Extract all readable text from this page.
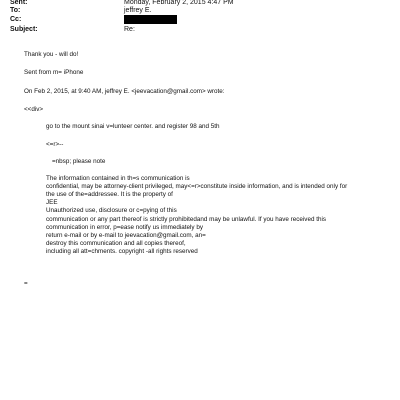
Sent:	Monday, February 2, 2015 4:47 PM
To:	jeffrey E.
Cc:
Subject:	Re:
Thank you - will do!
Sent from m= iPhone
On Feb 2, 2015, at 9:40 AM, jeffrey E. <jeevacation@gmail.com> wrote:
<<div>
go to the mount sinai v=lunteer center. and register 98 and 5th
<=r>--
=nbsp; please note
The information contained in th=s communication is
confidential, may be attorney-client privileged, may<=r>constitute inside information, and is intended only for
the use of the=addressee. It is the property of
JEE
Unauthorized use, disclosure or c=pying of this
communication or any part thereof is strictly prohibitedand may be unlawful. If you have received this
communication in error, p=ease notify us immediately by
return e-mail or by e-mail to jeevacation@gmail.com, an=
destroy this communication and all copies thereof,
including all att=chments. copyright -all rights reserved
=
